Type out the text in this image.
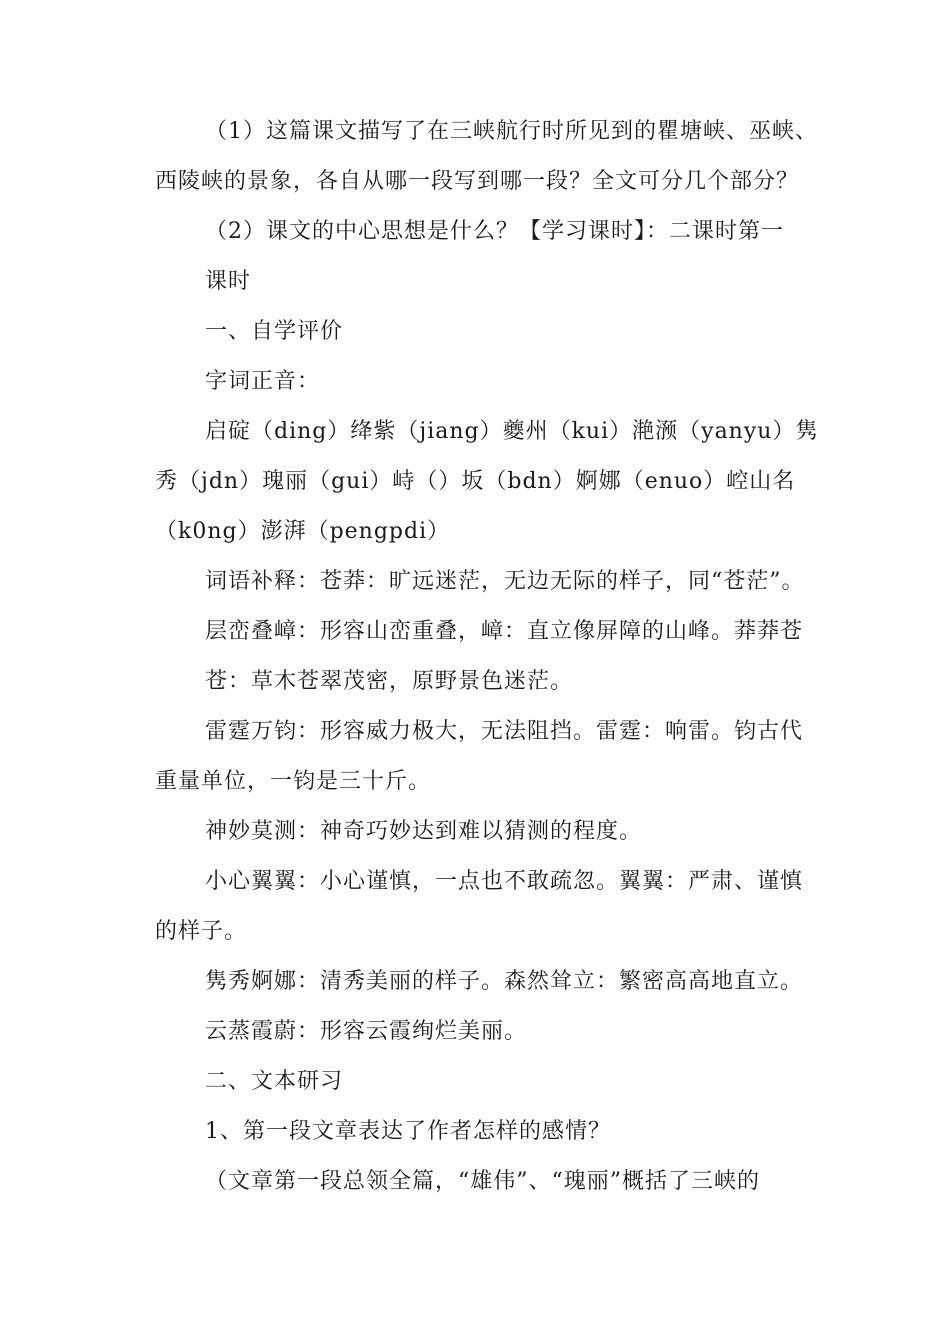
（1）这篇课文描写了在三峡航行时所见到的瞿塘峡、巫峡、
西陵峡的景象，各自从哪一段写到哪一段？全文可分几个部分？
（2）课文的中心思想是什么？【学习课时】：二课时第一
课时
一、自学评价
字词正音：
启碇（ding）绛紫（jiang）夔州（kui）滟滪（yanyu）隽
秀（jdn）瑰丽（gui）峙（）坂（bdn）婀娜（enuo）崆山名
（k0ng）澎湃（pengpdi）
词语补释：苍莽：旷远迷茫，无边无际的样子，同“苍茫”。
层峦叠嶂：形容山峦重叠，嶂：直立像屏障的山峰。莽莽苍
苍：草木苍翠茂密，原野景色迷茫。
雷霆万钧：形容威力极大，无法阻挡。雷霆：响雷。钧古代
重量单位，一钧是三十斤。
神妙莫测：神奇巧妙达到难以猜测的程度。
小心翼翼：小心谨慎，一点也不敢疏忽。翼翼：严肃、谨慎
的样子。
隽秀婀娜：清秀美丽的样子。森然耸立：繁密高高地直立。
云蒸霞蔚：形容云霞绚烂美丽。
二、文本研习
1、第一段文章表达了作者怎样的感情？
（文章第一段总领全篇，“雄伟”、“瑰丽”概括了三峡的
